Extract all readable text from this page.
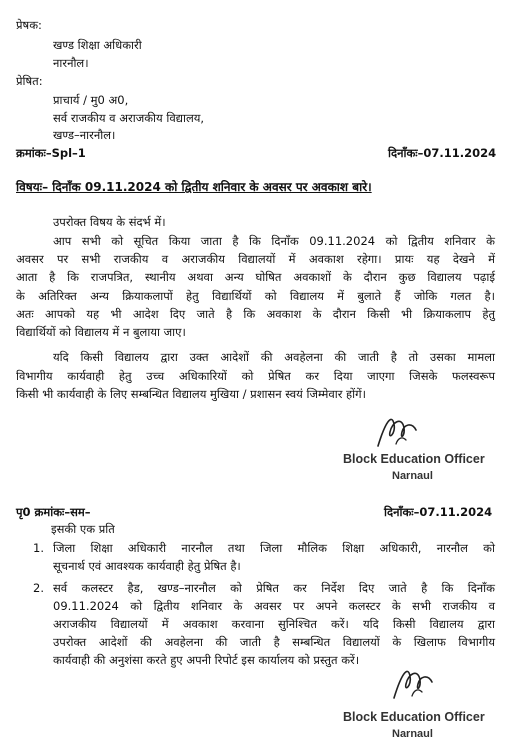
प्रेषक:
खण्ड शिक्षा अधिकारी
नारनौल।
प्रेषित:
प्राचार्य / मु0 अ0,
सर्व राजकीय व अराजकीय विद्यालय,
खण्ड–नारनौल।
क्रमांकः–Spl–1	दिनाँकः–07.11.2024
विषयः– दिनाँक 09.11.2024 को द्वितीय शनिवार के अवसर पर अवकाश बारे।
उपरोक्त विषय के संदर्भ में।
आप सभी को सूचित किया जाता है कि दिनाँक 09.11.2024 को द्वितीय शनिवार के
अवसर पर सभी राजकीय व अराजकीय विद्यालयों में अवकाश रहेगा। प्रायः यह देखने में
आता है कि राजपत्रित, स्थानीय अथवा अन्य घोषित अवकाशों के दौरान कुछ विद्यालय पढ़ाई
के अतिरिक्त अन्य क्रियाकलापों हेतु विद्यार्थियों को विद्यालय में बुलाते हैं जोकि गलत है।
अतः आपको यह भी आदेश दिए जाते है कि अवकाश के दौरान किसी भी क्रियाकलाप हेतु
विद्यार्थियों को विद्यालय में न बुलाया जाए।
यदि किसी विद्यालय द्वारा उक्त आदेशों की अवहेलना की जाती है तो उसका मामला
विभागीय कार्यवाही हेतु उच्च अधिकारियों को प्रेषित कर दिया जाएगा जिसके फलस्वरूप
किसी भी कार्यवाही के लिए सम्बन्धित विद्यालय मुखिया / प्रशासन स्वयं जिम्मेवार होंगें।
Block Education Officer
Narnaul
पृ0 क्रमांकः–सम–	दिनाँकः–07.11.2024
इसकी एक प्रति
1. जिला शिक्षा अधिकारी नारनौल तथा जिला मौलिक शिक्षा अधिकारी, नारनौल को
सूचनार्थ एवं आवश्यक कार्यवाही हेतु प्रेषित है।
2. सर्व कलस्टर हैड, खण्ड–नारनौल को प्रेषित कर निर्देश दिए जाते है कि दिनाँक
09.11.2024 को द्वितीय शनिवार के अवसर पर अपने कलस्टर के सभी राजकीय व
अराजकीय विद्यालयों में अवकाश करवाना सुनिश्चित करें। यदि किसी विद्यालय द्वारा
उपरोक्त आदेशों की अवहेलना की जाती है सम्बन्धित विद्यालयों के खिलाफ विभागीय
कार्यवाही की अनुशंसा करते हुए अपनी रिपोर्ट इस कार्यालय को प्रस्तुत करें।
Block Education Officer
Narnaul
